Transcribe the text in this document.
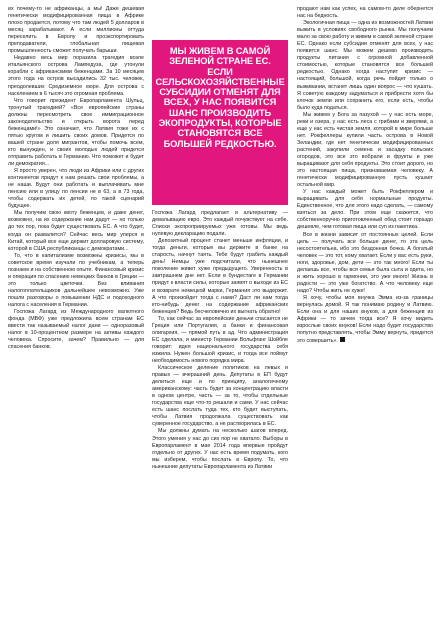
их почему-то не африканцы, а мы! Даже дешевая генетически модифицированная пища в Африке плохо продается, потому что там людей 5 долларов в месяц зарабатывают. А если миллионы оттуда переселить в Европу и проэкспортировать преподаватели, глобальная пищевая промышленность сможет получать барыши.

Недавно весь мир поразила трагедия возле итальянского острова Лампедуза, где утонули корабли с африканскими беженцами. За 10 месяцев этого года на остров высадились 32 тыс. человек, преодолевших Средиземное море. Для острова с населением в 6 тысяч это огромная проблема.

Что говорит президент Европарламента Шульц, тронутый трагедией? «Все европейские страны должны пересмотреть свое иммиграционное законодательство и открыть ворота перед беженцами!» Это означает, что Латвия тоже их с пятью кругом и лишить своих домов. Придется по вашей стране доля мигрантов, чтобы помочь всем, кто вынужден, и своих молодых людей придется отправить работать в Германию. Что поможет и будет ли демократия...

Я просто уверен, что люди из Африки или с других континентов придут к нам решать свои проблемы, а не наши. Будут они работать и выплачивать мне пенсию или в улицу по пенсии не в 63, а в 73 года, чтобы содержать их детей, по такой сценарий будущее.

Мы получим свою квоту беженцев, и даже денег, возможно, на их содержание нам дадут — но только до тех пор, пока будет существовать ЕС. А что будет, когда он развалится? Сейчас весь мир уперся в Китай, который все еще держит долларовую систему, которой в США республиканцы с демократами...

То, что в капитализме возможны кризисы, мы в советское время изучали по учебникам, а теперь познаем и на собственном опыте. Финансовый кризис и операция по спасению немецких банков в Греции — это только цветочки. Без вливания налогоплательщиков дальнейшее невозможно. Уже пошли разговоры о повышении НДС и подоходного налога с населения в Германии.

Госпожа Лагард из Международного валютного фонда (МВФ) уже предложила всем странам ЕС ввести так называемый налог дани — одноразовый налог в 10-процентном размере на активы каждого человека. Спросите, зачем? Правильно — для спасения банков.

МЫ ЖИВЕМ В САМОЙ ЗЕЛЕНОЙ СТРАНЕ ЕС. ЕСЛИ СЕЛЬСКОХОЗЯЙСТВЕННЫЕ СУБСИДИИ ОТМЕНЯТ ДЛЯ ВСЕХ, У НАС ПОЯВИТСЯ ШАНС ПРОИЗВОДИТЬ ЭКОПРОДУКТЫ, КОТОРЫЕ СТАНОВЯТСЯ ВСЕ БОЛЬШЕЙ РЕДКОСТЬЮ.

Госпожа Лагард предлагает и альтернативу — девальвацию евро. Это каждый почувствует на себе. Списки экспроприируемых уже готовы. Мы ведь нулевую декларацию подали.

Депозитный процент станет меньше инфляции, и тогда деньги, которые вы держите в банке на старость, начнут таять. Тебе будут грабить каждый день! Немцы уже подсчитали, что нынешнее поколение живет хуже предыдущего. Уверенность в завтрашнем дне нет. Если в бундестаге в Германии придут к власти силы, которые заявят о выходе из ЕС и возврате немецкой марки, Германия это выдержит. А что произойдет тогда с нами? Даст ли нам тогда кто-нибудь денег на содержание африканских беженцев? Ведь бесчеловечно их выгнать обратно!

То, как сейчас за европейские деньчи спасается не Греция или Португалия, а банки и финансовая олигархия, — прямой путь в ад. Что администрация ЕС сделала, и министр Германии Вольфганг Шойбле говорит: идея национального государства себя изжила. Нужен большой кризис, и тогда все поймут необходимость нового порядка мира.

Классическое деление политиков на левых и правых — вчерашний день. Депутаты в ЕП будут делиться еще и по принципу, аналогичному американскому: часть будет за концентрацию власти в одном центре, часть — за то, чтобы отдельные государства еще что-то решали и сами. У нас сейчас есть шанс послать туда тех, кто будет выступать, чтобы Латвия продолжала существовать как суверенное государство, а не растворилась в ЕС.

Мы должны думать на несколько шагов вперед. Этого умения у нас до сих пор не хватало. Выборы в Европарламент в мае 2014 года впервые пройдут отдельно от других. У нас есть время подумать, кого мы изберем, чтобы послать в Европу. То, что нынешние депутаты Европарламента из Латвии

продают нам как успех, на самом-то деле обернется нас на бедность.

Экологичная пища — одна из возможностей Латвии выжить в условиях свободного рынка. Мы получаем мало за свою работу и живем в самой зеленой стране ЕС. Однако если субсидии отменят для всех, у нас появится шанс. Мы можем дешево производить продукты питания с огромной добавленной стоимостью, которые становятся все большей редкостью. Однако когда наступит кризис — настоящий, большой, когда речь пойдет только о выживании, встанет лишь один вопрос — что кушать. Я советую каждому задуматься и прибрести хотя бы клочок земли или сохранить его, если есть, чтобы было куда податься.

Мы живем у Бога за пазухой — у нас есть море, реки и озера, у нас есть леса с грибами и зверями, а еще у нас есть чистая земля, которой в мире больше нет. Рокфеллеры купили часть острова в Новой Зеландии, где нет генетически модифицированных растений, закупили семена и засадку польских огородов, это все это вобрали и фрукты и уже выращивают для себя продукты. Это стоит дорого, но это настоящая пища, признаваемая человеку. А генетически модифицированную пусть кушает остальной мир.

У нас каждый может быть Рокфеллером и выращивать для себя нормальные продукты. Единственное, что для этого надо сделать, — самому взяться за дело. При этом еще скажется, что собственноручно приготовленный обед стоит гораздо дешевле, чем готовая пища или суп из пакетика.

Все в жизни зависит от постоянных целей. Если цель — получать все больше денег, то эта цель несостоятельна, ибо это бездонная бочка. А богатый человек — это тот, кому хватает. Если у вас есть руки, ноги, здоровье, дом, дети — это так много! Если ты делаешь все, чтобы вся семья была сыта и одета, но и жить хорошо в гармонии, это уже много! Жизнь в радости — это уже богатство. А что человеку еще надо? Чтобы жить не хуже!

Я хочу, чтобы моя внучка Эмма из-за границы вернулась домой. Я так понимаю родину и Латвию. Если она и для наших внуков, а для беженцев из Африки — то зачем тогда все? Я хочу видеть взрослые своих внуков! Если надо будет государство попутно представлять, чтобы Эмму вернуть, придется это совершить».
